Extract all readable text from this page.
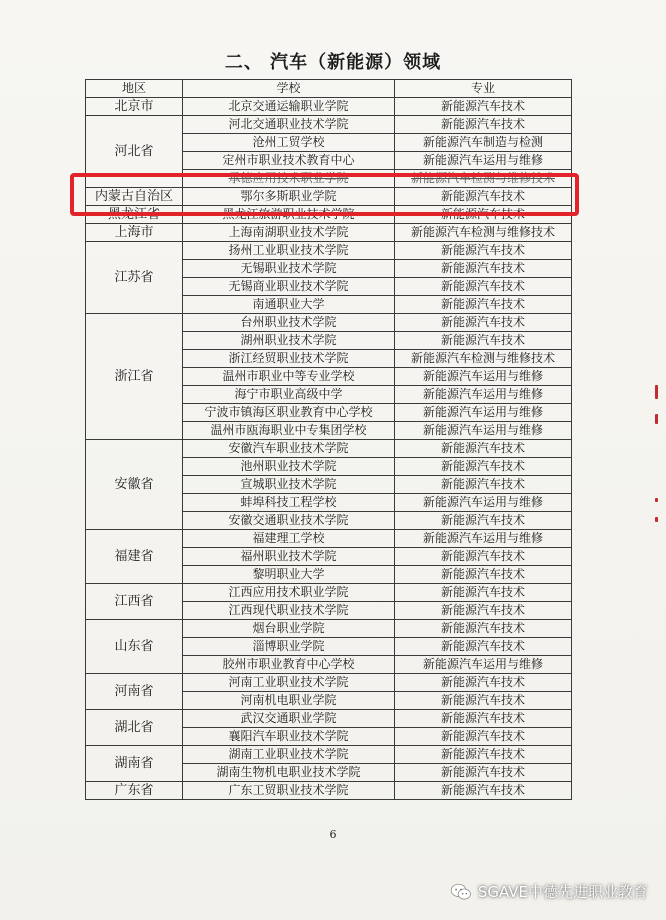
二、 汽车（新能源）领域
地区	学校	专业
北京市	北京交通运输职业学院	新能源汽车技术
河北省	河北交通职业技术学院	新能源汽车技术
	沧州工贸学校	新能源汽车制造与检测
	定州市职业技术教育中心	新能源汽车运用与维修
	承德应用技术职业学院	新能源汽车检测与维修技术
内蒙古自治区	鄂尔多斯职业学院	新能源汽车技术
黑龙江省	黑龙江旅游职业技术学院	新能源汽车技术
上海市	上海南湖职业技术学院	新能源汽车检测与维修技术
江苏省	扬州工业职业技术学院	新能源汽车技术
	无锡职业技术学院	新能源汽车技术
	无锡商业职业技术学院	新能源汽车技术
	南通职业大学	新能源汽车技术
浙江省	台州职业技术学院	新能源汽车技术
	湖州职业技术学院	新能源汽车技术
	浙江经贸职业技术学院	新能源汽车检测与维修技术
	温州市职业中等专业学校	新能源汽车运用与维修
	海宁市职业高级中学	新能源汽车运用与维修
	宁波市镇海区职业教育中心学校	新能源汽车运用与维修
	温州市瓯海职业中专集团学校	新能源汽车运用与维修
安徽省	安徽汽车职业技术学院	新能源汽车技术
	池州职业技术学院	新能源汽车技术
	宣城职业技术学院	新能源汽车技术
	蚌埠科技工程学校	新能源汽车运用与维修
	安徽交通职业技术学院	新能源汽车技术
福建省	福建理工学校	新能源汽车运用与维修
	福州职业技术学院	新能源汽车技术
	黎明职业大学	新能源汽车技术
江西省	江西应用技术职业学院	新能源汽车技术
	江西现代职业技术学院	新能源汽车技术
山东省	烟台职业学院	新能源汽车技术
	淄博职业学院	新能源汽车技术
	胶州市职业教育中心学校	新能源汽车运用与维修
河南省	河南工业职业技术学院	新能源汽车技术
	河南机电职业学院	新能源汽车技术
湖北省	武汉交通职业学院	新能源汽车技术
	襄阳汽车职业技术学院	新能源汽车技术
湖南省	湖南工业职业技术学院	新能源汽车技术
	湖南生物机电职业技术学院	新能源汽车技术
广东省	广东工贸职业技术学院	新能源汽车技术
6
SGAVE中德先进职业教育
